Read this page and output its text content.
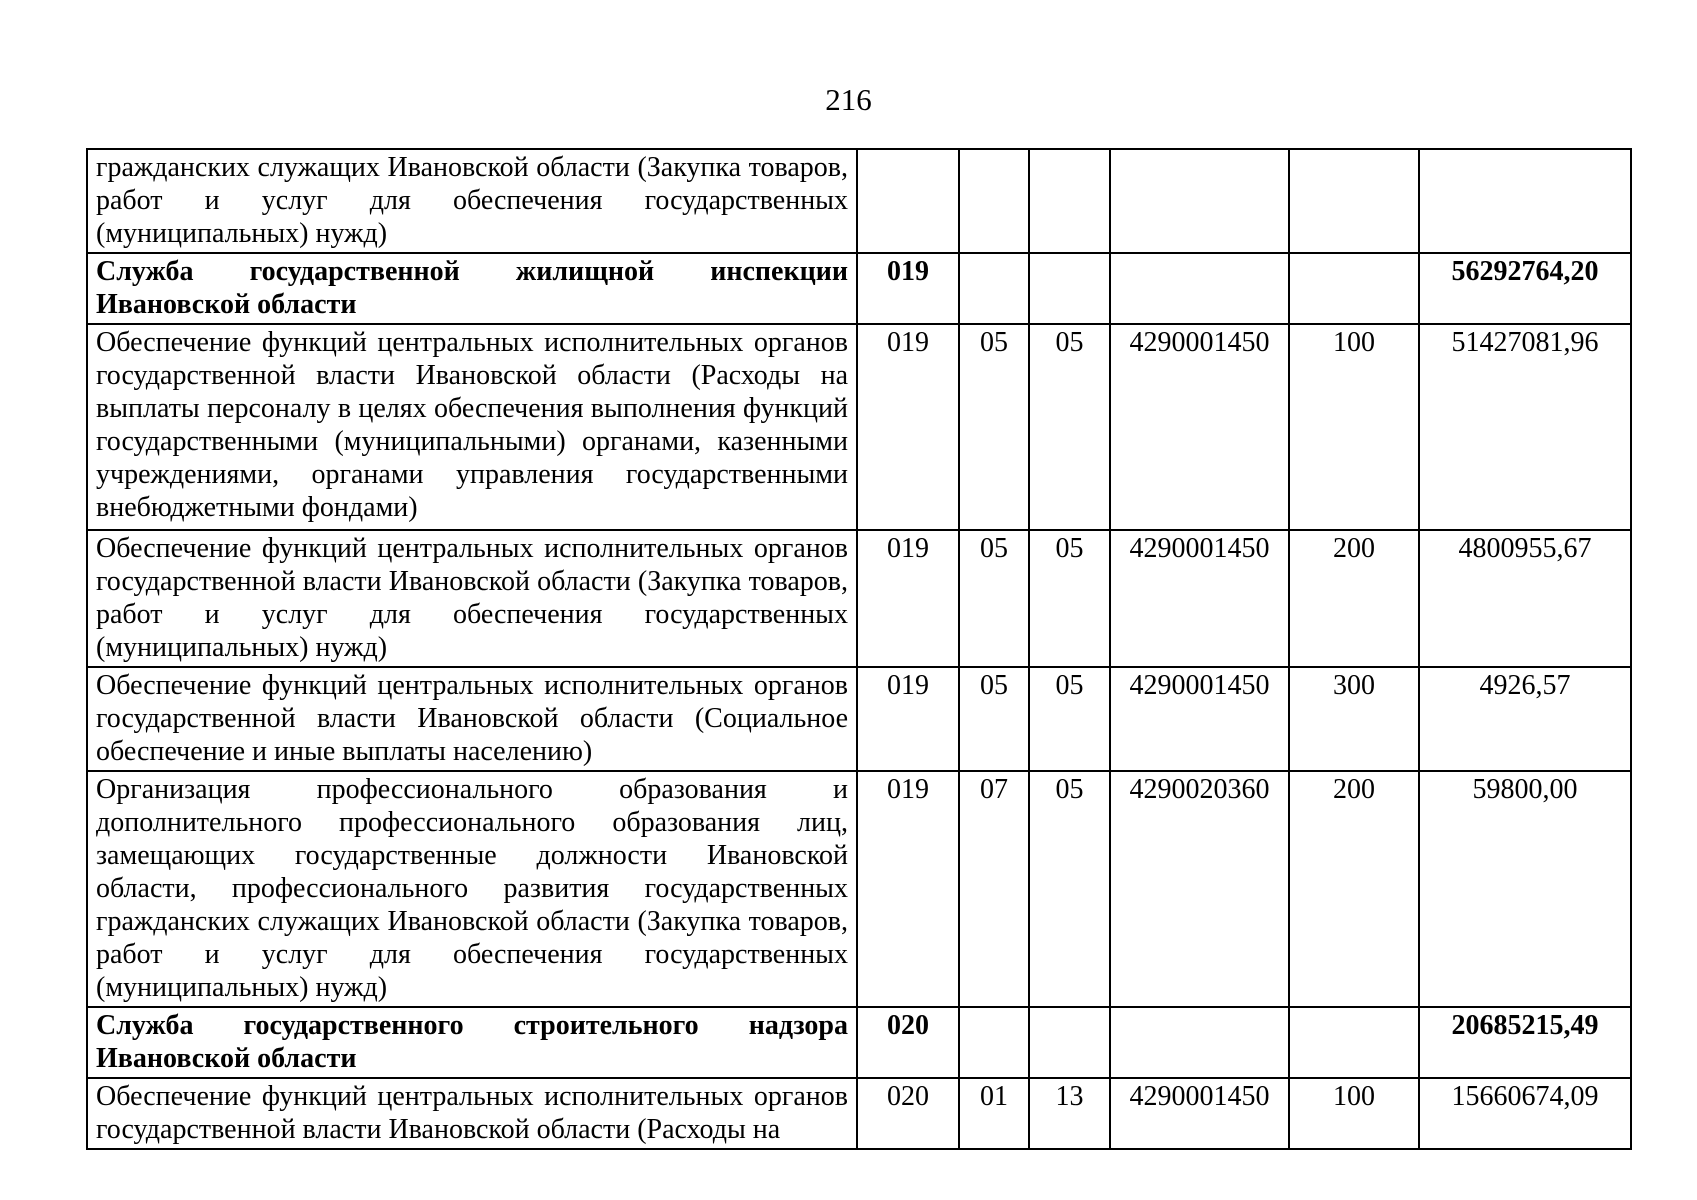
216
гражданских служащих Ивановской области (Закупка товаров, работ и услуг для обеспечения государственных (муниципальных) нужд)						
Служба государственной жилищной инспекции Ивановской области	019					56292764,20
Обеспечение функций центральных исполнительных органов государственной власти Ивановской области (Расходы на выплаты персоналу в целях обеспечения выполнения функций государственными (муниципальными) органами, казенными учреждениями, органами управления государственными внебюджетными фондами)	019	05	05	4290001450	100	51427081,96
Обеспечение функций центральных исполнительных органов государственной власти Ивановской области (Закупка товаров, работ и услуг для обеспечения государственных (муниципальных) нужд)	019	05	05	4290001450	200	4800955,67
Обеспечение функций центральных исполнительных органов государственной власти Ивановской области (Социальное обеспечение и иные выплаты населению)	019	05	05	4290001450	300	4926,57
Организация профессионального образования и дополнительного профессионального образования лиц, замещающих государственные должности Ивановской области, профессионального развития государственных гражданских служащих Ивановской области (Закупка товаров, работ и услуг для обеспечения государственных (муниципальных) нужд)	019	07	05	4290020360	200	59800,00
Служба государственного строительного надзора Ивановской области	020					20685215,49
Обеспечение функций центральных исполнительных органов государственной власти Ивановской области (Расходы на	020	01	13	4290001450	100	15660674,09
